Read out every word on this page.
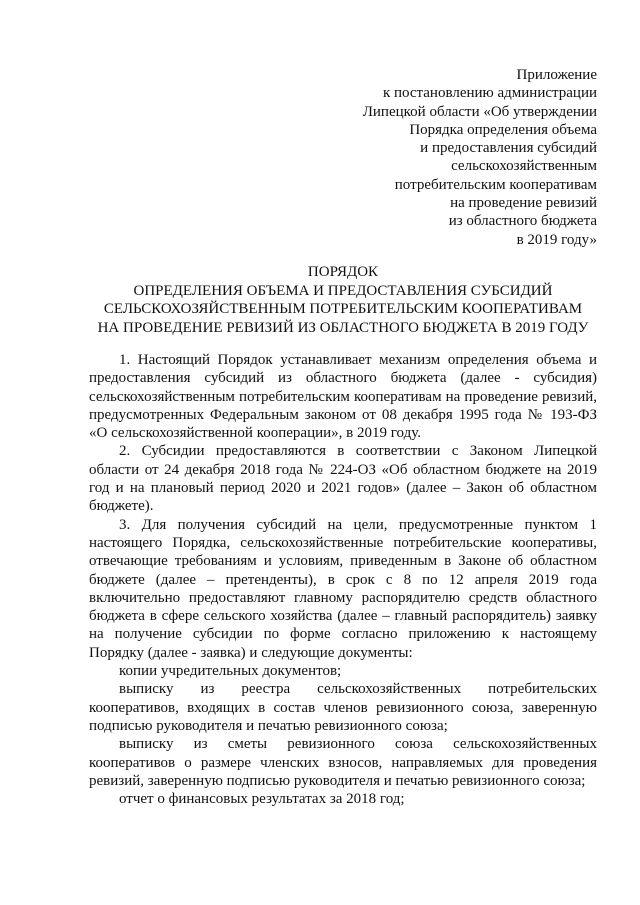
Приложение
к постановлению администрации
Липецкой области «Об утверждении
Порядка определения объема
и предоставления субсидий
сельскохозяйственным
потребительским кооперативам
на проведение ревизий
из областного бюджета
в 2019 году»
ПОРЯДОК
ОПРЕДЕЛЕНИЯ ОБЪЕМА И ПРЕДОСТАВЛЕНИЯ СУБСИДИЙ
СЕЛЬСКОХОЗЯЙСТВЕННЫМ ПОТРЕБИТЕЛЬСКИМ КООПЕРАТИВАМ
НА ПРОВЕДЕНИЕ РЕВИЗИЙ ИЗ ОБЛАСТНОГО БЮДЖЕТА В 2019 ГОДУ

1. Настоящий Порядок устанавливает механизм определения объема и предоставления субсидий из областного бюджета (далее - субсидия) сельскохозяйственным потребительским кооперативам на проведение ревизий, предусмотренных Федеральным законом от 08 декабря 1995 года № 193-ФЗ «О сельскохозяйственной кооперации», в 2019 году.

2. Субсидии предоставляются в соответствии с Законом Липецкой области от 24 декабря 2018 года № 224-ОЗ «Об областном бюджете на 2019 год и на плановый период 2020 и 2021 годов» (далее – Закон об областном бюджете).

3. Для получения субсидий на цели, предусмотренные пунктом 1 настоящего Порядка, сельскохозяйственные потребительские кооперативы, отвечающие требованиям и условиям, приведенным в Законе об областном бюджете (далее – претенденты), в срок с 8 по 12 апреля 2019 года включительно предоставляют главному распорядителю средств областного бюджета в сфере сельского хозяйства (далее – главный распорядитель) заявку на получение субсидии по форме согласно приложению к настоящему Порядку (далее - заявка) и следующие документы:

копии учредительных документов;

выписку из реестра сельскохозяйственных потребительских кооперативов, входящих в состав членов ревизионного союза, заверенную подписью руководителя и печатью ревизионного союза;

выписку из сметы ревизионного союза сельскохозяйственных кооперативов о размере членских взносов, направляемых для проведения ревизий, заверенную подписью руководителя и печатью ревизионного союза;

отчет о финансовых результатах за 2018 год;
